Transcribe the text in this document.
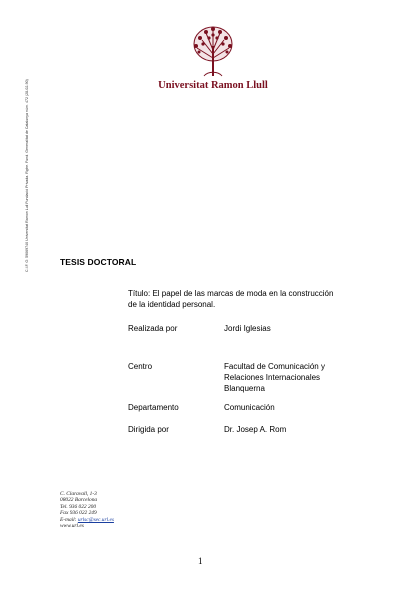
Universitat Ramon Llull
C.I.F. G: 59069740 Universitat Ramon Lull Fundació Privada. Rgtre. Fund. Generalitat de Catalunya núm. 472 (28-02-90)	TESIS DOCTORAL
Título: El papel de las marcas de moda en la construcción de la identidad personal.
Realizada por	Jordi Iglesias
Centro	Facultad de Comunicación y Relaciones Internacionales Blanquerna
Departamento	Comunicación
Dirigida por	Dr. Josep A. Rom
C. Claravall, 1-3
08022 Barcelona
Tel. 936 022 200
Fax 936 022 249
E-mail: urlsc@sec.url.es
www.url.es
1
